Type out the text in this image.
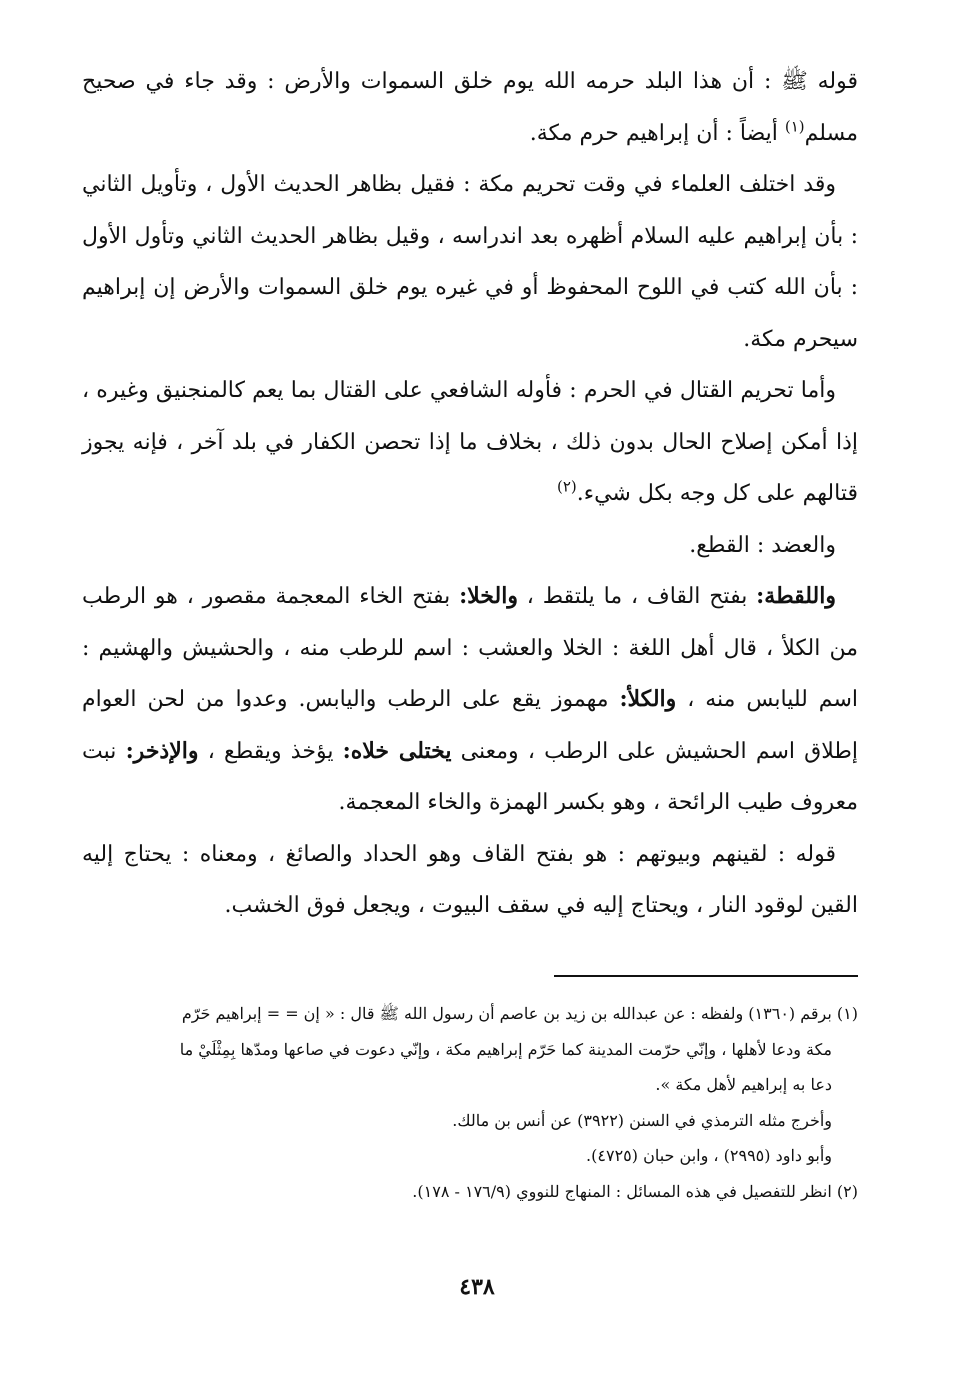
قوله ﷺ : أن هذا البلد حرمه الله يوم خلق السموات والأرض : وقد جاء في صحيح مسلم$^{(١)}$ أيضاً : أن إبراهيم حرم مكة.

وقد اختلف العلماء في وقت تحريم مكة : فقيل بظاهر الحديث الأول ، وتأويل الثاني : بأن إبراهيم عليه السلام أظهره بعد اندراسه ، وقيل بظاهر الحديث الثاني وتأول الأول : بأن الله كتب في اللوح المحفوظ أو في غيره يوم خلق السموات والأرض إن إبراهيم سيحرم مكة.

وأما تحريم القتال في الحرم : فأوله الشافعي على القتال بما يعم كالمنجنيق وغيره ، إذا أمكن إصلاح الحال بدون ذلك ، بخلاف ما إذا تحصن الكفار في بلد آخر ، فإنه يجوز قتالهم على كل وجه بكل شيء.$^{(٢)}$

والعضد : القطع.

واللقطة: بفتح القاف ، ما يلتقط ، والخلا: بفتح الخاء المعجمة مقصور ، هو الرطب من الكلأ ، قال أهل اللغة : الخلا والعشب : اسم للرطب منه ، والحشيش والهشيم : اسم لليابس منه ، والكلأ: مهموز يقع على الرطب واليابس. وعدوا من لحن العوام إطلاق اسم الحشيش على الرطب ، ومعنى يختلى خلاه: يؤخذ ويقطع ، والإذخر: نبت معروف طيب الرائحة ، وهو بكسر الهمزة والخاء المعجمة.

قوله : لقينهم وبيوتهم : هو بفتح القاف وهو الحداد والصائغ ، ومعناه : يحتاج إليه القين لوقود النار ، ويحتاج إليه في سقف البيوت ، ويجعل فوق الخشب.

(١) برقم (١٣٦٠) ولفظه : عن عبدالله بن زيد بن عاصم أن رسول الله ﷺ قال : « إن = = إبراهيم حَرّم

مكة ودعا لأهلها ، وإنّي حرّمت المدينة كما حَرّم إبراهيم مكة ، وإنّي دعوت في صاعها ومدّها بِمِثْلَيْ ما

دعا به إبراهيم لأهل مكة ».

وأخرج مثله الترمذي في السنن (٣٩٢٢) عن أنس بن مالك.

وأبو داود (٢٩٩٥) ، وابن حبان (٤٧٢٥).

(٢) انظر للتفصيل في هذه المسائل : المنهاج للنووي (١٧٦/٩ - ١٧٨).

٤٣٨
